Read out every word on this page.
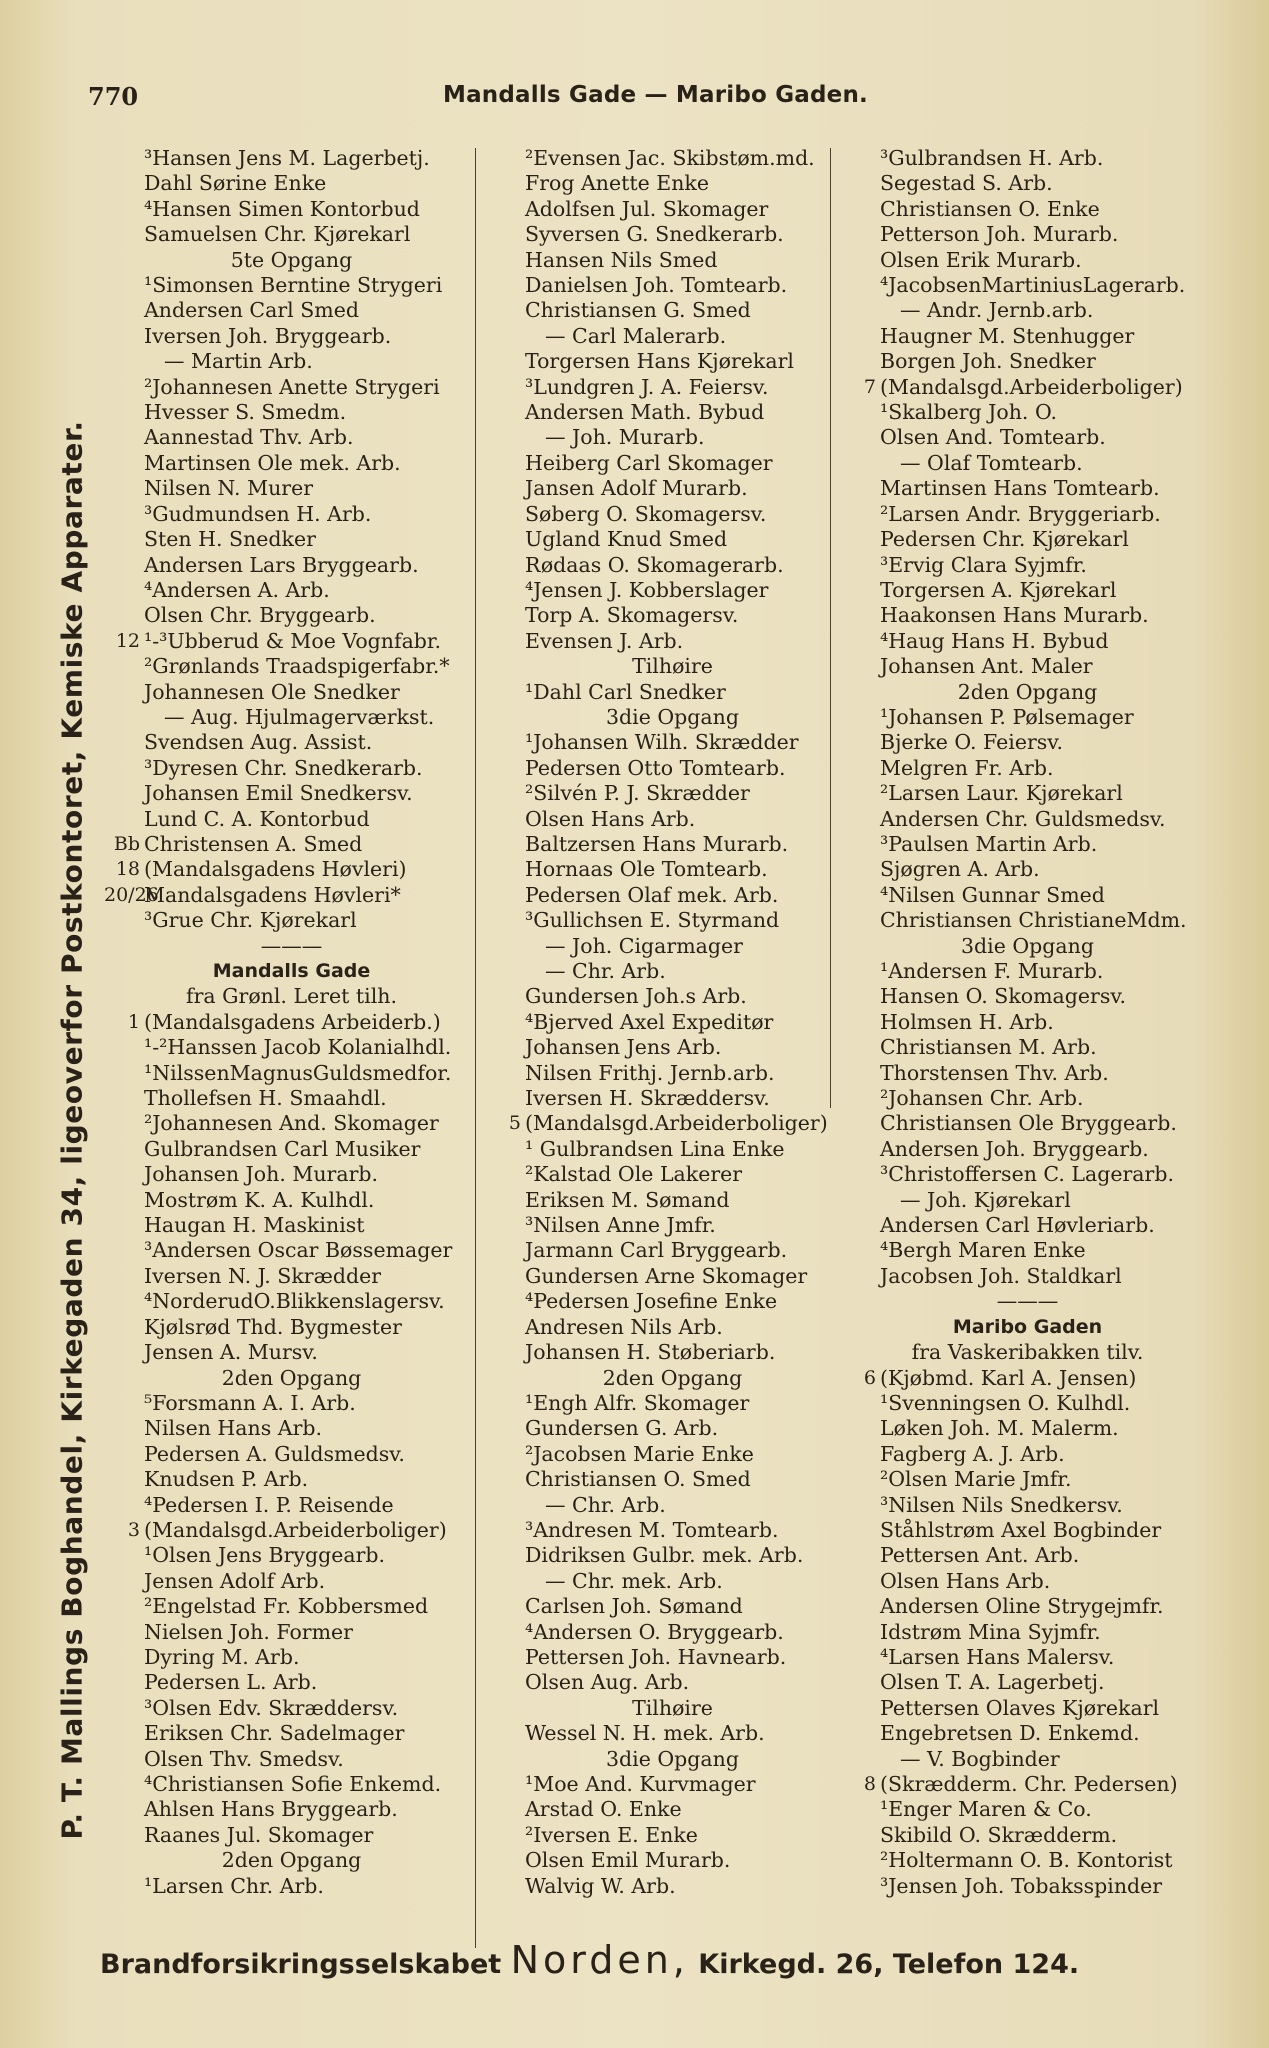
770	Mandalls Gade — Maribo Gaden.
P. T. Mallings Boghandel, Kirkegaden 34, ligeoverfor Postkontoret, Kemiske Apparater.
³Hansen Jens M. Lagerbetj.
Dahl Sørine Enke
⁴Hansen Simen Kontorbud
Samuelsen Chr. Kjørekarl
5te Opgang
¹Simonsen Berntine Strygeri
Andersen Carl Smed
Iversen Joh. Bryggearb.
— Martin Arb.
²Johannesen Anette Strygeri
Hvesser S. Smedm.
Aannestad Thv. Arb.
Martinsen Ole mek. Arb.
Nilsen N. Murer
³Gudmundsen H. Arb.
Sten H. Snedker
Andersen Lars Bryggearb.
⁴Andersen A. Arb.
Olsen Chr. Bryggearb.
12 ¹-³Ubberud & Moe Vognfabr.
²Grønlands Traadspigerfabr.*
Johannesen Ole Snedker
— Aug. Hjulmagerværkst.
Svendsen Aug. Assist.
³Dyresen Chr. Snedkerarb.
Johansen Emil Snedkersv.
Lund C. A. Kontorbud
Bb Christensen A. Smed
18 (Mandalsgadens Høvleri)
20/26
Mandalsgadens Høvleri*
³Grue Chr. Kjørekarl
———
Mandalls Gade
fra Grønl. Leret tilh.
1 (Mandalsgadens Arbeiderb.)
¹-²Hanssen Jacob Kolanialhdl.
¹NilssenMagnusGuldsmedfor.
Thollefsen H. Smaahdl.
²Johannesen And. Skomager
Gulbrandsen Carl Musiker
Johansen Joh. Murarb.
Mostrøm K. A. Kulhdl.
Haugan H. Maskinist
³Andersen Oscar Bøssemager
Iversen N. J. Skrædder
⁴NorderudO.Blikkenslagersv.
Kjølsrød Thd. Bygmester
Jensen A. Mursv.
2den Opgang
⁵Forsmann A. I. Arb.
Nilsen Hans Arb.
Pedersen A. Guldsmedsv.
Knudsen P. Arb.
⁴Pedersen I. P. Reisende
3 (Mandalsgd.Arbeiderboliger)
¹Olsen Jens Bryggearb.
Jensen Adolf Arb.
²Engelstad Fr. Kobbersmed
Nielsen Joh. Former
Dyring M. Arb.
Pedersen L. Arb.
³Olsen Edv. Skræddersv.
Eriksen Chr. Sadelmager
Olsen Thv. Smedsv.
⁴Christiansen Sofie Enkemd.
Ahlsen Hans Bryggearb.
Raanes Jul. Skomager
2den Opgang
¹Larsen Chr. Arb.
²Evensen Jac. Skibstøm.md.
Frog Anette Enke
Adolfsen Jul. Skomager
Syversen G. Snedkerarb.
Hansen Nils Smed
Danielsen Joh. Tomtearb.
Christiansen G. Smed
— Carl Malerarb.
Torgersen Hans Kjørekarl
³Lundgren J. A. Feiersv.
Andersen Math. Bybud
— Joh. Murarb.
Heiberg Carl Skomager
Jansen Adolf Murarb.
Søberg O. Skomagersv.
Ugland Knud Smed
Rødaas O. Skomagerarb.
⁴Jensen J. Kobberslager
Torp A. Skomagersv.
Evensen J. Arb.
Tilhøire
¹Dahl Carl Snedker
3die Opgang
¹Johansen Wilh. Skrædder
Pedersen Otto Tomtearb.
²Silvén P. J. Skrædder
Olsen Hans Arb.
Baltzersen Hans Murarb.
Hornaas Ole Tomtearb.
Pedersen Olaf mek. Arb.
³Gullichsen E. Styrmand
— Joh. Cigarmager
— Chr. Arb.
Gundersen Joh.s Arb.
⁴Bjerved Axel Expeditør
Johansen Jens Arb.
Nilsen Frithj. Jernb.arb.
Iversen H. Skræddersv.
5 (Mandalsgd.Arbeiderboliger)
¹ Gulbrandsen Lina Enke
²Kalstad Ole Lakerer
Eriksen M. Sømand
³Nilsen Anne Jmfr.
Jarmann Carl Bryggearb.
Gundersen Arne Skomager
⁴Pedersen Josefine Enke
Andresen Nils Arb.
Johansen H. Støberiarb.
2den Opgang
¹Engh Alfr. Skomager
Gundersen G. Arb.
²Jacobsen Marie Enke
Christiansen O. Smed
— Chr. Arb.
³Andresen M. Tomtearb.
Didriksen Gulbr. mek. Arb.
— Chr. mek. Arb.
Carlsen Joh. Sømand
⁴Andersen O. Bryggearb.
Pettersen Joh. Havnearb.
Olsen Aug. Arb.
Tilhøire
Wessel N. H. mek. Arb.
3die Opgang
¹Moe And. Kurvmager
Arstad O. Enke
²Iversen E. Enke
Olsen Emil Murarb.
Walvig W. Arb.
³Gulbrandsen H. Arb.
Segestad S. Arb.
Christiansen O. Enke
Petterson Joh. Murarb.
Olsen Erik Murarb.
⁴JacobsenMartiniusLagerarb.
— Andr. Jernb.arb.
Haugner M. Stenhugger
Borgen Joh. Snedker
7 (Mandalsgd.Arbeiderboliger)
¹Skalberg Joh. O.
Olsen And. Tomtearb.
— Olaf Tomtearb.
Martinsen Hans Tomtearb.
²Larsen Andr. Bryggeriarb.
Pedersen Chr. Kjørekarl
³Ervig Clara Syjmfr.
Torgersen A. Kjørekarl
Haakonsen Hans Murarb.
⁴Haug Hans H. Bybud
Johansen Ant. Maler
2den Opgang
¹Johansen P. Pølsemager
Bjerke O. Feiersv.
Melgren Fr. Arb.
²Larsen Laur. Kjørekarl
Andersen Chr. Guldsmedsv.
³Paulsen Martin Arb.
Sjøgren A. Arb.
⁴Nilsen Gunnar Smed
Christiansen ChristianeMdm.
3die Opgang
¹Andersen F. Murarb.
Hansen O. Skomagersv.
Holmsen H. Arb.
Christiansen M. Arb.
Thorstensen Thv. Arb.
²Johansen Chr. Arb.
Christiansen Ole Bryggearb.
Andersen Joh. Bryggearb.
³Christoffersen C. Lagerarb.
— Joh. Kjørekarl
Andersen Carl Høvleriarb.
⁴Bergh Maren Enke
Jacobsen Joh. Staldkarl
———
Maribo Gaden
fra Vaskeribakken tilv.
6 (Kjøbmd. Karl A. Jensen)
¹Svenningsen O. Kulhdl.
Løken Joh. M. Malerm.
Fagberg A. J. Arb.
²Olsen Marie Jmfr.
³Nilsen Nils Snedkersv.
Ståhlstrøm Axel Bogbinder
Pettersen Ant. Arb.
Olsen Hans Arb.
Andersen Oline Strygejmfr.
Idstrøm Mina Syjmfr.
⁴Larsen Hans Malersv.
Olsen T. A. Lagerbetj.
Pettersen Olaves Kjørekarl
Engebretsen D. Enkemd.
— V. Bogbinder
8 (Skrædderm. Chr. Pedersen)
¹Enger Maren & Co.
Skibild O. Skrædderm.
²Holtermann O. B. Kontorist
³Jensen Joh. Tobaksspinder
Brandforsikringsselskabet Norden, Kirkegd. 26, Telefon 124.
